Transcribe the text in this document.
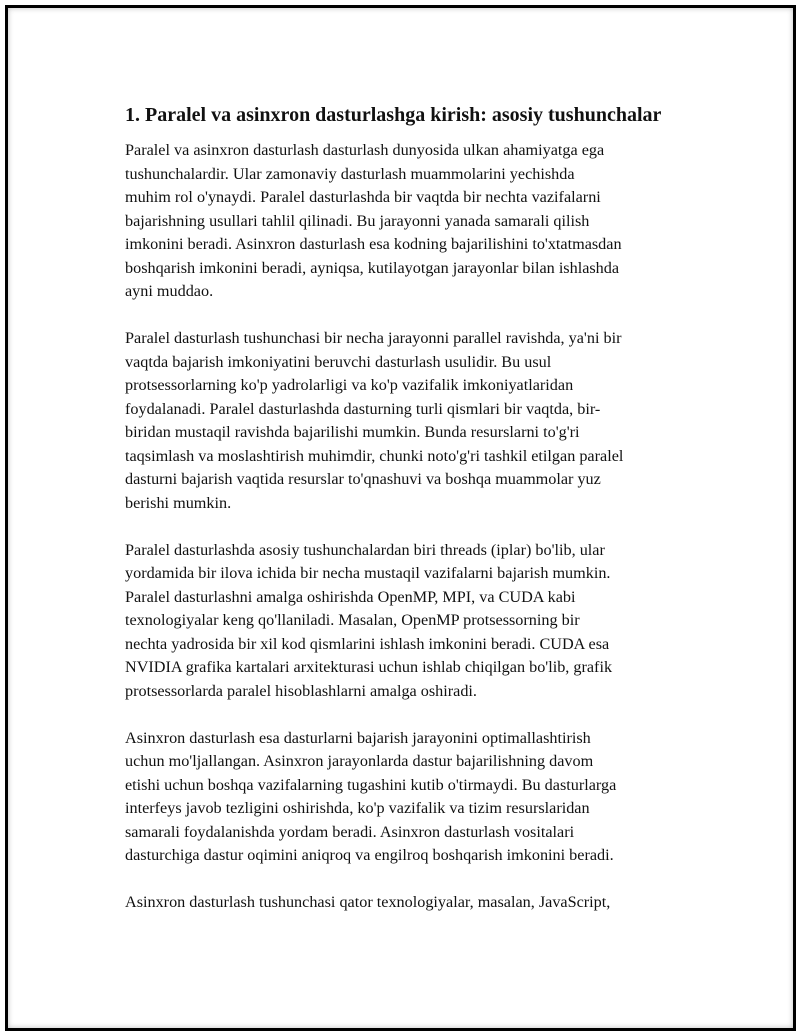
1. Paralel va asinxron dasturlashga kirish: asosiy tushunchalar

Paralel va asinxron dasturlash dasturlash dunyosida ulkan ahamiyatga ega
tushunchalardir. Ular zamonaviy dasturlash muammolarini yechishda
muhim rol o'ynaydi. Paralel dasturlashda bir vaqtda bir nechta vazifalarni
bajarishning usullari tahlil qilinadi. Bu jarayonni yanada samarali qilish
imkonini beradi. Asinxron dasturlash esa kodning bajarilishini to'xtatmasdan
boshqarish imkonini beradi, ayniqsa, kutilayotgan jarayonlar bilan ishlashda
ayni muddao.

Paralel dasturlash tushunchasi bir necha jarayonni parallel ravishda, ya'ni bir
vaqtda bajarish imkoniyatini beruvchi dasturlash usulidir. Bu usul
protsessorlarning ko'p yadrolarligi va ko'p vazifalik imkoniyatlaridan
foydalanadi. Paralel dasturlashda dasturning turli qismlari bir vaqtda, bir-
biridan mustaqil ravishda bajarilishi mumkin. Bunda resurslarni to'g'ri
taqsimlash va moslashtirish muhimdir, chunki noto'g'ri tashkil etilgan paralel
dasturni bajarish vaqtida resurslar to'qnashuvi va boshqa muammolar yuz
berishi mumkin.

Paralel dasturlashda asosiy tushunchalardan biri threads (iplar) bo'lib, ular
yordamida bir ilova ichida bir necha mustaqil vazifalarni bajarish mumkin.
Paralel dasturlashni amalga oshirishda OpenMP, MPI, va CUDA kabi
texnologiyalar keng qo'llaniladi. Masalan, OpenMP protsessorning bir
nechta yadrosida bir xil kod qismlarini ishlash imkonini beradi. CUDA esa
NVIDIA grafika kartalari arxitekturasi uchun ishlab chiqilgan bo'lib, grafik
protsessorlarda paralel hisoblashlarni amalga oshiradi.

Asinxron dasturlash esa dasturlarni bajarish jarayonini optimallashtirish
uchun mo'ljallangan. Asinxron jarayonlarda dastur bajarilishning davom
etishi uchun boshqa vazifalarning tugashini kutib o'tirmaydi. Bu dasturlarga
interfeys javob tezligini oshirishda, ko'p vazifalik va tizim resurslaridan
samarali foydalanishda yordam beradi. Asinxron dasturlash vositalari
dasturchiga dastur oqimini aniqroq va engilroq boshqarish imkonini beradi.

Asinxron dasturlash tushunchasi qator texnologiyalar, masalan, JavaScript,
